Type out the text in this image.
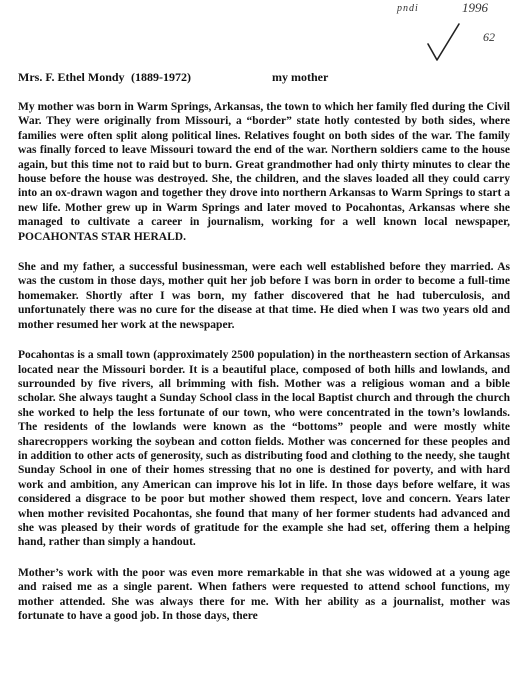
pndi	1996
62
Mrs. F. Ethel Mondy (1889-1972)	my mother

My mother was born in Warm Springs, Arkansas, the town to which her family fled during the Civil War. They were originally from Missouri, a “border” state hotly contested by both sides, where families were often split along political lines. Relatives fought on both sides of the war. The family was finally forced to leave Missouri toward the end of the war. Northern soldiers came to the house again, but this time not to raid but to burn. Great grandmother had only thirty minutes to clear the house before the house was destroyed. She, the children, and the slaves loaded all they could carry into an ox-drawn wagon and together they drove into northern Arkansas to Warm Springs to start a new life. Mother grew up in Warm Springs and later moved to Pocahontas, Arkansas where she managed to cultivate a career in journalism, working for a well known local newspaper, POCAHONTAS STAR HERALD.

She and my father, a successful businessman, were each well established before they married. As was the custom in those days, mother quit her job before I was born in order to become a full-time homemaker. Shortly after I was born, my father discovered that he had tuberculosis, and unfortunately there was no cure for the disease at that time. He died when I was two years old and mother resumed her work at the newspaper.

Pocahontas is a small town (approximately 2500 population) in the northeastern section of Arkansas located near the Missouri border. It is a beautiful place, composed of both hills and lowlands, and surrounded by five rivers, all brimming with fish. Mother was a religious woman and a bible scholar. She always taught a Sunday School class in the local Baptist church and through the church she worked to help the less fortunate of our town, who were concentrated in the town’s lowlands. The residents of the lowlands were known as the “bottoms” people and were mostly white sharecroppers working the soybean and cotton fields. Mother was concerned for these peoples and in addition to other acts of generosity, such as distributing food and clothing to the needy, she taught Sunday School in one of their homes stressing that no one is destined for poverty, and with hard work and ambition, any American can improve his lot in life. In those days before welfare, it was considered a disgrace to be poor but mother showed them respect, love and concern. Years later when mother revisited Pocahontas, she found that many of her former students had advanced and she was pleased by their words of gratitude for the example she had set, offering them a helping hand, rather than simply a handout.

Mother’s work with the poor was even more remarkable in that she was widowed at a young age and raised me as a single parent. When fathers were requested to attend school functions, my mother attended. She was always there for me. With her ability as a journalist, mother was fortunate to have a good job. In those days, there
